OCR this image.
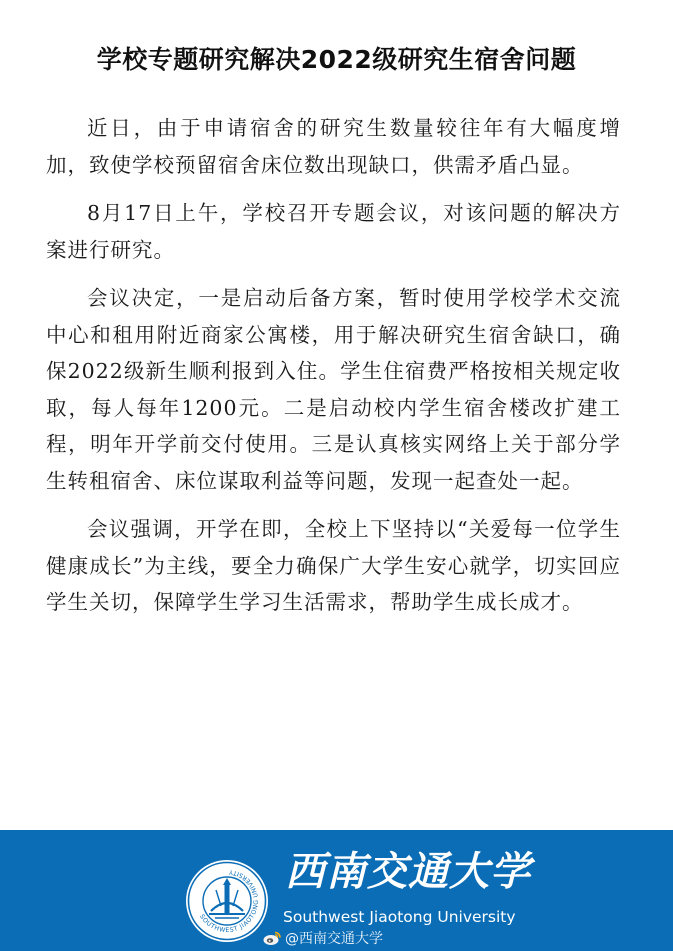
学校专题研究解决2022级研究生宿舍问题

近日，由于申请宿舍的研究生数量较往年有大幅度增加，致使学校预留宿舍床位数出现缺口，供需矛盾凸显。

8月17日上午，学校召开专题会议，对该问题的解决方案进行研究。

会议决定，一是启动后备方案，暂时使用学校学术交流中心和租用附近商家公寓楼，用于解决研究生宿舍缺口，确保2022级新生顺利报到入住。学生住宿费严格按相关规定收取，每人每年1200元。二是启动校内学生宿舍楼改扩建工程，明年开学前交付使用。三是认真核实网络上关于部分学生转租宿舍、床位谋取利益等问题，发现一起查处一起。

会议强调，开学在即，全校上下坚持以“关爱每一位学生健康成长”为主线，要全力确保广大学生安心就学，切实回应学生关切，保障学生学习生活需求，帮助学生成长成才。

SOUTHWEST JIAOTONG UNIVERSITY	西南交通大学
Southwest Jiaotong University
@西南交通大学
